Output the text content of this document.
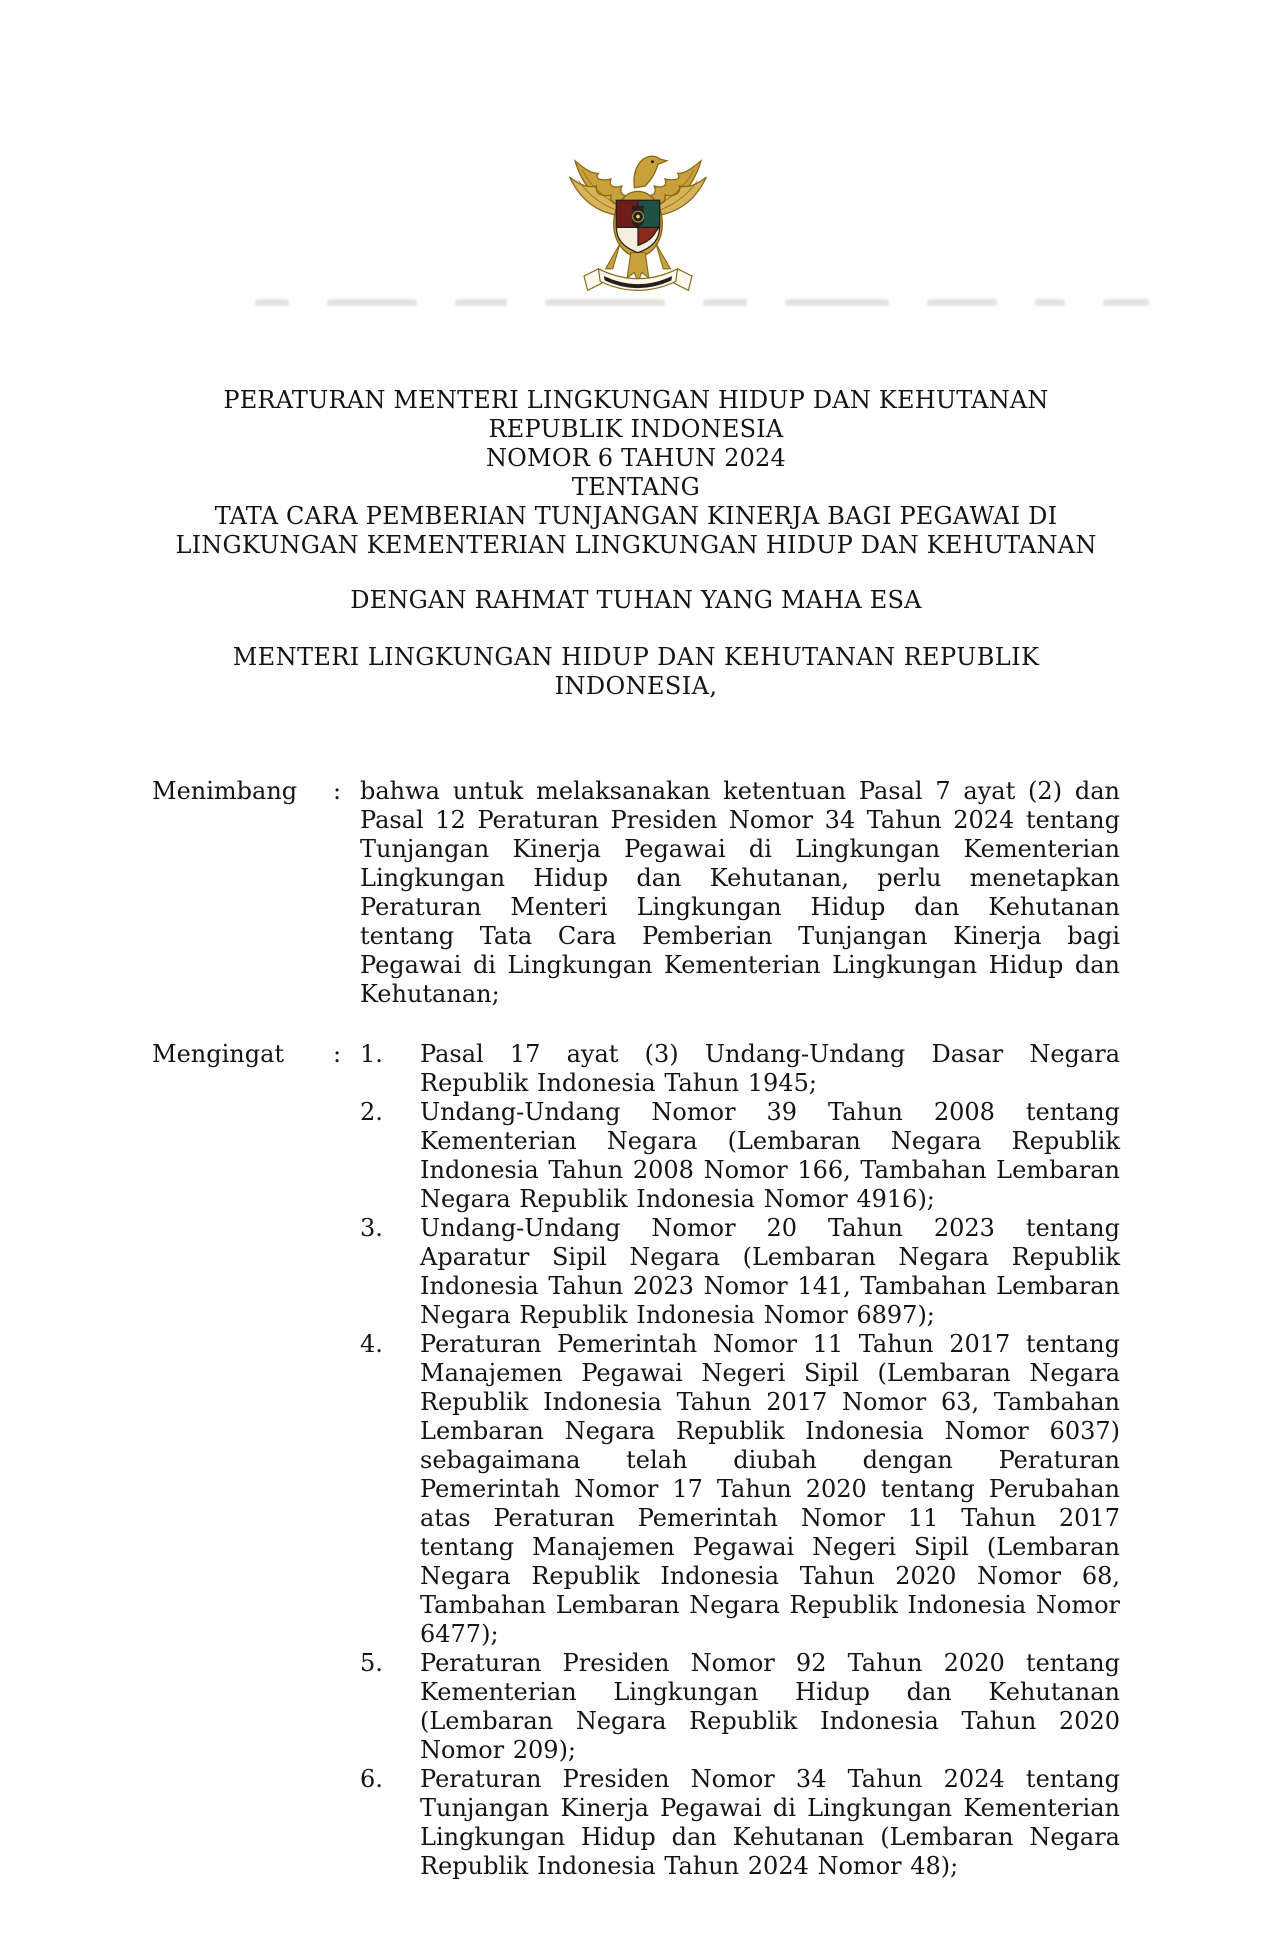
PERATURAN MENTERI LINGKUNGAN HIDUP DAN KEHUTANAN
REPUBLIK INDONESIA
NOMOR 6 TAHUN 2024
TENTANG
TATA CARA PEMBERIAN TUNJANGAN KINERJA BAGI PEGAWAI DI
LINGKUNGAN KEMENTERIAN LINGKUNGAN HIDUP DAN KEHUTANAN
DENGAN RAHMAT TUHAN YANG MAHA ESA
MENTERI LINGKUNGAN HIDUP DAN KEHUTANAN REPUBLIK INDONESIA,
Menimbang	: bahwa untuk melaksanakan ketentuan Pasal 7 ayat (2) dan Pasal 12 Peraturan Presiden Nomor 34 Tahun 2024 tentang Tunjangan Kinerja Pegawai di Lingkungan Kementerian Lingkungan Hidup dan Kehutanan, perlu menetapkan Peraturan Menteri Lingkungan Hidup dan Kehutanan tentang Tata Cara Pemberian Tunjangan Kinerja bagi Pegawai di Lingkungan Kementerian Lingkungan Hidup dan Kehutanan;
Mengingat	: 1.	Pasal 17 ayat (3) Undang-Undang Dasar Negara Republik Indonesia Tahun 1945;
2.	Undang-Undang Nomor 39 Tahun 2008 tentang Kementerian Negara (Lembaran Negara Republik Indonesia Tahun 2008 Nomor 166, Tambahan Lembaran Negara Republik Indonesia Nomor 4916);
3.	Undang-Undang Nomor 20 Tahun 2023 tentang Aparatur Sipil Negara (Lembaran Negara Republik Indonesia Tahun 2023 Nomor 141, Tambahan Lembaran Negara Republik Indonesia Nomor 6897);
4.	Peraturan Pemerintah Nomor 11 Tahun 2017 tentang Manajemen Pegawai Negeri Sipil (Lembaran Negara Republik Indonesia Tahun 2017 Nomor 63, Tambahan Lembaran Negara Republik Indonesia Nomor 6037) sebagaimana telah diubah dengan Peraturan Pemerintah Nomor 17 Tahun 2020 tentang Perubahan atas Peraturan Pemerintah Nomor 11 Tahun 2017 tentang Manajemen Pegawai Negeri Sipil (Lembaran Negara Republik Indonesia Tahun 2020 Nomor 68, Tambahan Lembaran Negara Republik Indonesia Nomor 6477);
5.	Peraturan Presiden Nomor 92 Tahun 2020 tentang Kementerian Lingkungan Hidup dan Kehutanan (Lembaran Negara Republik Indonesia Tahun 2020 Nomor 209);
6.	Peraturan Presiden Nomor 34 Tahun 2024 tentang Tunjangan Kinerja Pegawai di Lingkungan Kementerian Lingkungan Hidup dan Kehutanan (Lembaran Negara Republik Indonesia Tahun 2024 Nomor 48);
